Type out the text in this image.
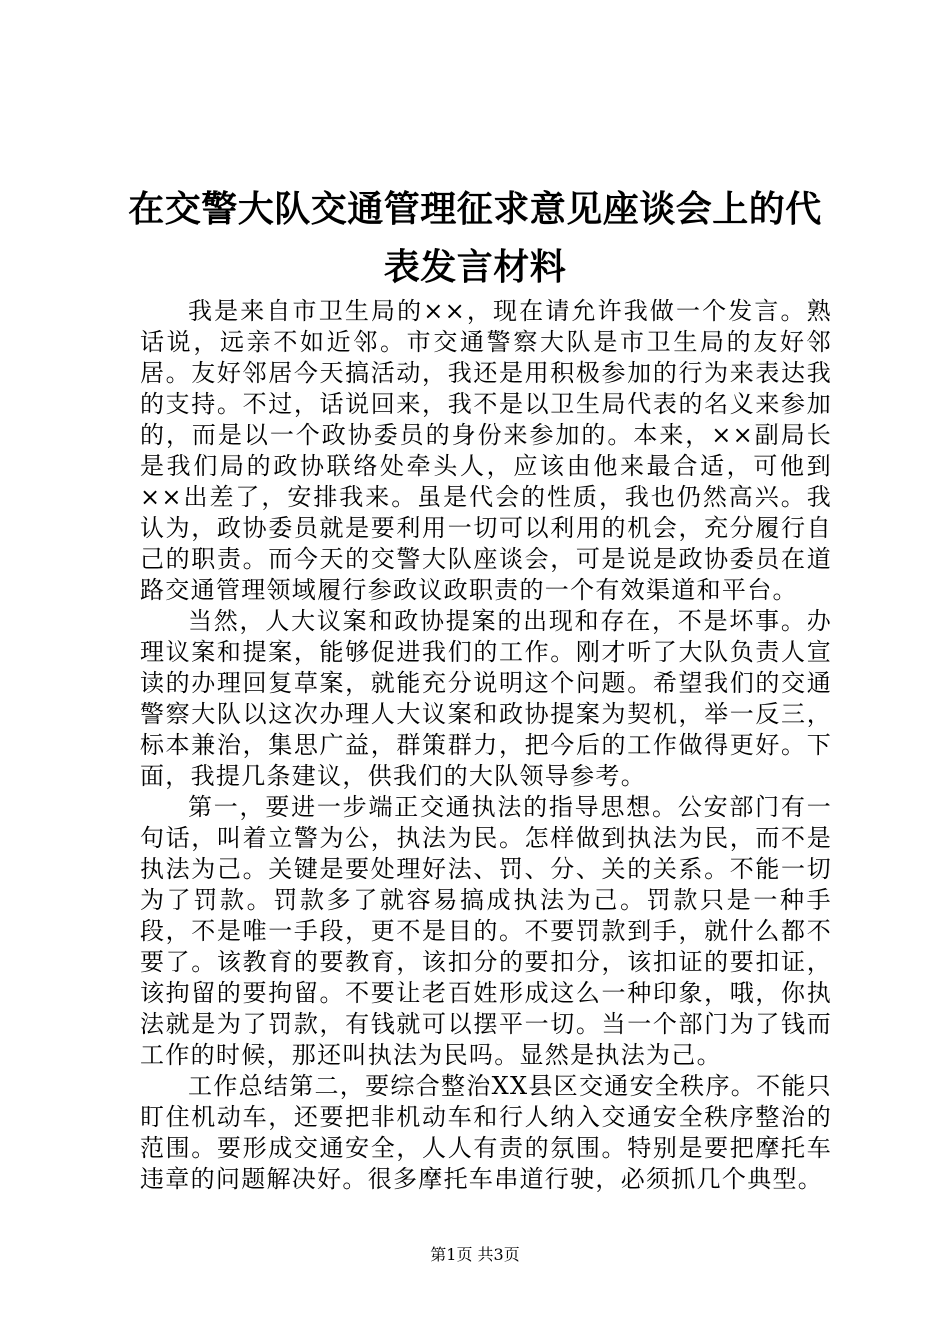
在交警大队交通管理征求意见座谈会上的代表发言材料

我是来自市卫生局的××，现在请允许我做一个发言。熟话说，远亲不如近邻。市交通警察大队是市卫生局的友好邻居。友好邻居今天搞活动，我还是用积极参加的行为来表达我的支持。不过，话说回来，我不是以卫生局代表的名义来参加的，而是以一个政协委员的身份来参加的。本来，××副局长是我们局的政协联络处牵头人，应该由他来最合适，可他到××出差了，安排我来。虽是代会的性质，我也仍然高兴。我认为，政协委员就是要利用一切可以利用的机会，充分履行自己的职责。而今天的交警大队座谈会，可是说是政协委员在道路交通管理领域履行参政议政职责的一个有效渠道和平台。

当然，人大议案和政协提案的出现和存在，不是坏事。办理议案和提案，能够促进我们的工作。刚才听了大队负责人宣读的办理回复草案，就能充分说明这个问题。希望我们的交通警察大队以这次办理人大议案和政协提案为契机，举一反三，标本兼治，集思广益，群策群力，把今后的工作做得更好。下面，我提几条建议，供我们的大队领导参考。

第一，要进一步端正交通执法的指导思想。公安部门有一句话，叫着立警为公，执法为民。怎样做到执法为民，而不是执法为己。关键是要处理好法、罚、分、关的关系。不能一切为了罚款。罚款多了就容易搞成执法为己。罚款只是一种手段，不是唯一手段，更不是目的。不要罚款到手，就什么都不要了。该教育的要教育，该扣分的要扣分，该扣证的要扣证，该拘留的要拘留。不要让老百姓形成这么一种印象，哦，你执法就是为了罚款，有钱就可以摆平一切。当一个部门为了钱而工作的时候，那还叫执法为民吗。显然是执法为己。

工作总结第二，要综合整治XX县区交通安全秩序。不能只盯住机动车，还要把非机动车和行人纳入交通安全秩序整治的范围。要形成交通安全，人人有责的氛围。特别是要把摩托车违章的问题解决好。很多摩托车串道行驶，必须抓几个典型。

第1页 共3页
